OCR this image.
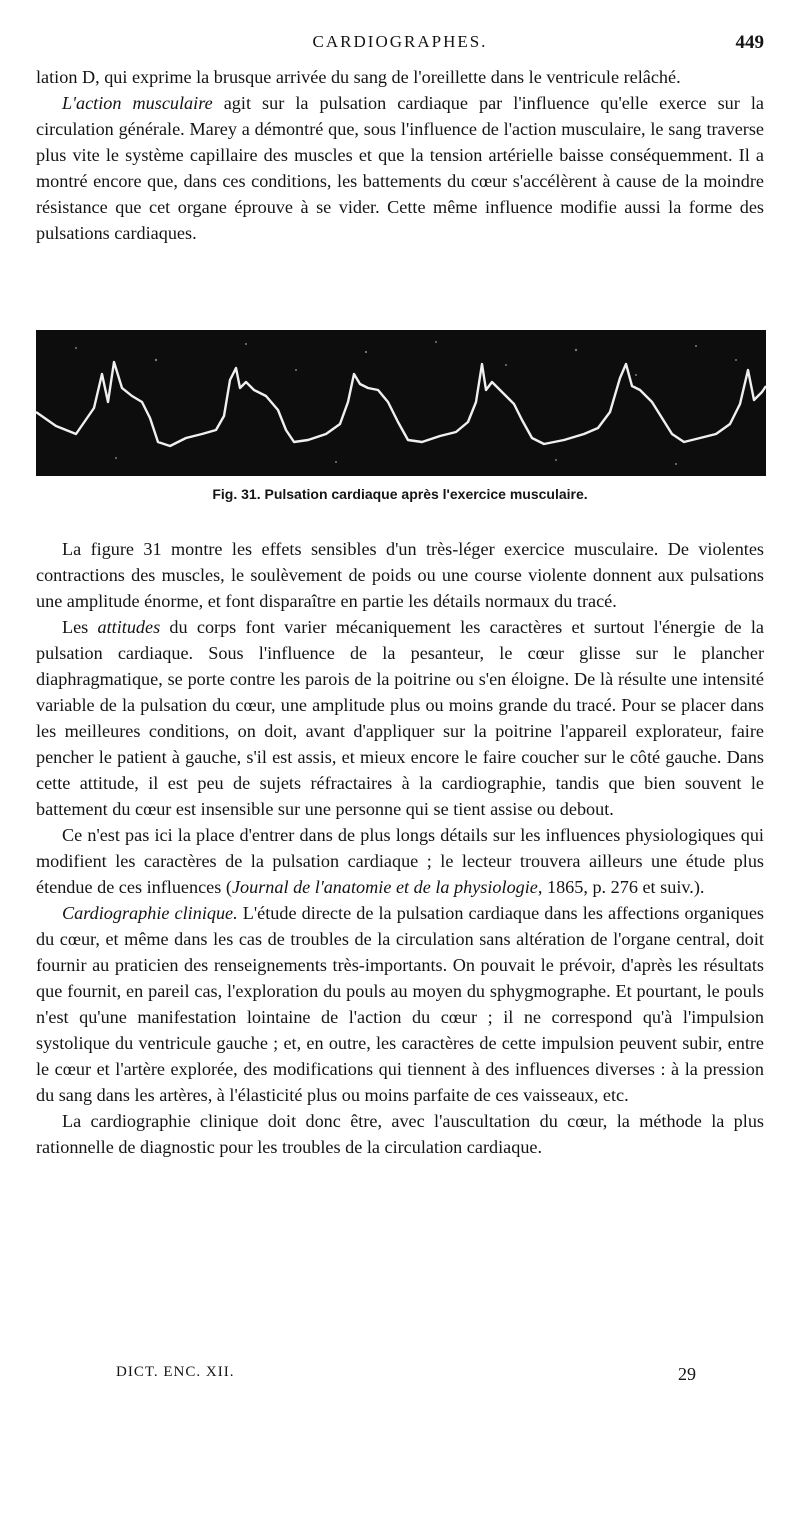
CARDIOGRAPHES.	449

lation D, qui exprime la brusque arrivée du sang de l'oreillette dans le ventricule relâché.

L'action musculaire agit sur la pulsation cardiaque par l'influence qu'elle exerce sur la circulation générale. Marey a démontré que, sous l'influence de l'action musculaire, le sang traverse plus vite le système capillaire des muscles et que la tension artérielle baisse conséquemment. Il a montré encore que, dans ces conditions, les battements du cœur s'accélèrent à cause de la moindre résistance que cet organe éprouve à se vider. Cette même influence modifie aussi la forme des pulsations cardiaques.

Fig. 31. Pulsation cardiaque après l'exercice musculaire.

La figure 31 montre les effets sensibles d'un très-léger exercice musculaire. De violentes contractions des muscles, le soulèvement de poids ou une course violente donnent aux pulsations une amplitude énorme, et font disparaître en partie les détails normaux du tracé.

Les attitudes du corps font varier mécaniquement les caractères et surtout l'énergie de la pulsation cardiaque. Sous l'influence de la pesanteur, le cœur glisse sur le plancher diaphragmatique, se porte contre les parois de la poitrine ou s'en éloigne. De là résulte une intensité variable de la pulsation du cœur, une amplitude plus ou moins grande du tracé. Pour se placer dans les meilleures conditions, on doit, avant d'appliquer sur la poitrine l'appareil explorateur, faire pencher le patient à gauche, s'il est assis, et mieux encore le faire coucher sur le côté gauche. Dans cette attitude, il est peu de sujets réfractaires à la cardiographie, tandis que bien souvent le battement du cœur est insensible sur une personne qui se tient assise ou debout.

Ce n'est pas ici la place d'entrer dans de plus longs détails sur les influences physiologiques qui modifient les caractères de la pulsation cardiaque ; le lecteur trouvera ailleurs une étude plus étendue de ces influences (Journal de l'anatomie et de la physiologie, 1865, p. 276 et suiv.).

Cardiographie clinique. L'étude directe de la pulsation cardiaque dans les affections organiques du cœur, et même dans les cas de troubles de la circulation sans altération de l'organe central, doit fournir au praticien des renseignements très-importants. On pouvait le prévoir, d'après les résultats que fournit, en pareil cas, l'exploration du pouls au moyen du sphygmographe. Et pourtant, le pouls n'est qu'une manifestation lointaine de l'action du cœur ; il ne correspond qu'à l'impulsion systolique du ventricule gauche ; et, en outre, les caractères de cette impulsion peuvent subir, entre le cœur et l'artère explorée, des modifications qui tiennent à des influences diverses : à la pression du sang dans les artères, à l'élasticité plus ou moins parfaite de ces vaisseaux, etc.

La cardiographie clinique doit donc être, avec l'auscultation du cœur, la méthode la plus rationnelle de diagnostic pour les troubles de la circulation cardiaque.

DICT. ENC. XII.	29
